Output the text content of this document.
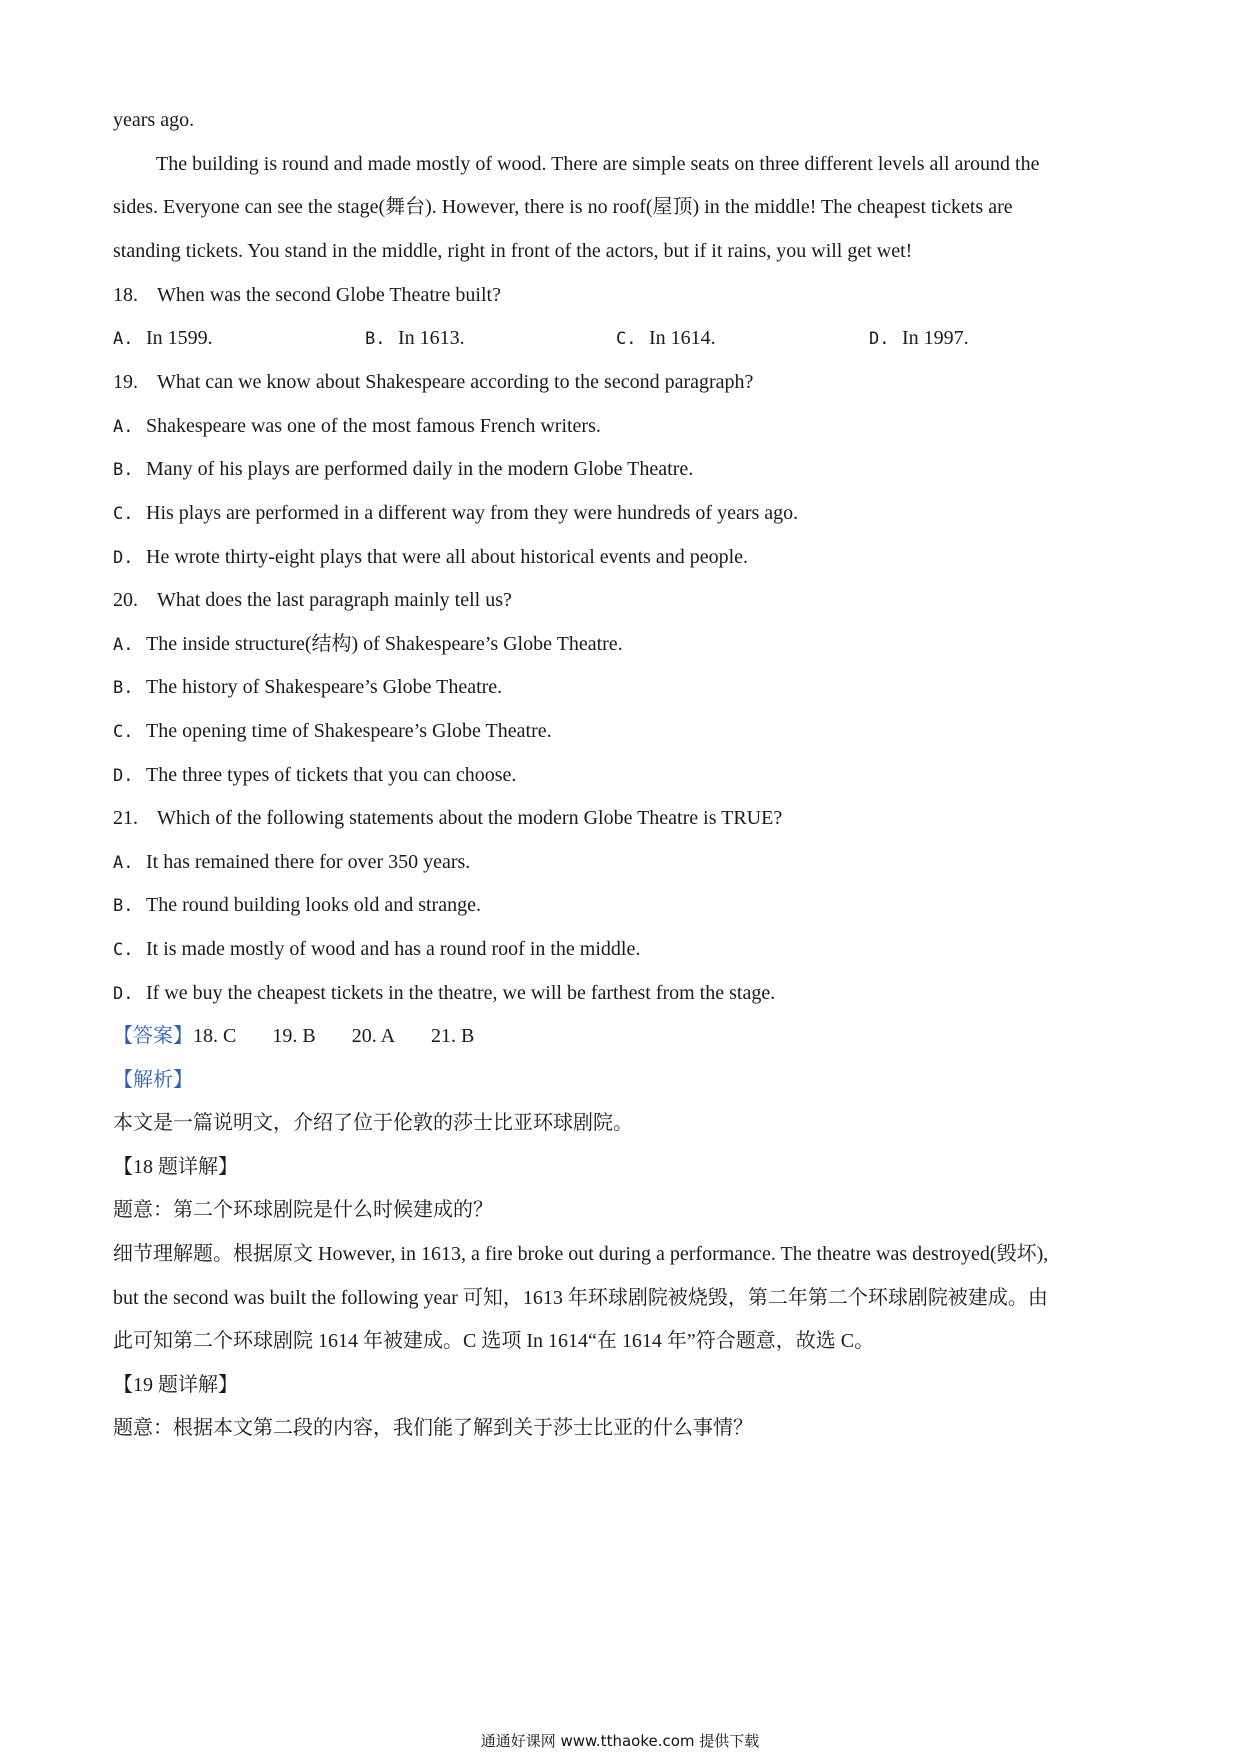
years ago.
The building is round and made mostly of wood. There are simple seats on three different levels all around the
sides. Everyone can see the stage(舞台). However, there is no roof(屋顶) in the middle! The cheapest tickets are
standing tickets. You stand in the middle, right in front of the actors, but if it rains, you will get wet!
18. When was the second Globe Theatre built?
A. In 1599.	B. In 1613.	C. In 1614.	D. In 1997.
19. What can we know about Shakespeare according to the second paragraph?
A. Shakespeare was one of the most famous French writers.
B. Many of his plays are performed daily in the modern Globe Theatre.
C. His plays are performed in a different way from they were hundreds of years ago.
D. He wrote thirty-eight plays that were all about historical events and people.
20. What does the last paragraph mainly tell us?
A. The inside structure(结构) of Shakespeare’s Globe Theatre.
B. The history of Shakespeare’s Globe Theatre.
C. The opening time of Shakespeare’s Globe Theatre.
D. The three types of tickets that you can choose.
21. Which of the following statements about the modern Globe Theatre is TRUE?
A. It has remained there for over 350 years.
B. The round building looks old and strange.
C. It is made mostly of wood and has a round roof in the middle.
D. If we buy the cheapest tickets in the theatre, we will be farthest from the stage.
【答案】18. C 19. B 20. A 21. B
【解析】
本文是一篇说明文，介绍了位于伦敦的莎士比亚环球剧院。
【18 题详解】
题意：第二个环球剧院是什么时候建成的？
细节理解题。根据原文 However, in 1613, a fire broke out during a performance. The theatre was destroyed(毁坏),
but the second was built the following year 可知，1613 年环球剧院被烧毁，第二年第二个环球剧院被建成。由
此可知第二个环球剧院 1614 年被建成。C 选项 In 1614“在 1614 年”符合题意，故选 C。
【19 题详解】
题意：根据本文第二段的内容，我们能了解到关于莎士比亚的什么事情？
通通好课网 www.tthaoke.com 提供下载
